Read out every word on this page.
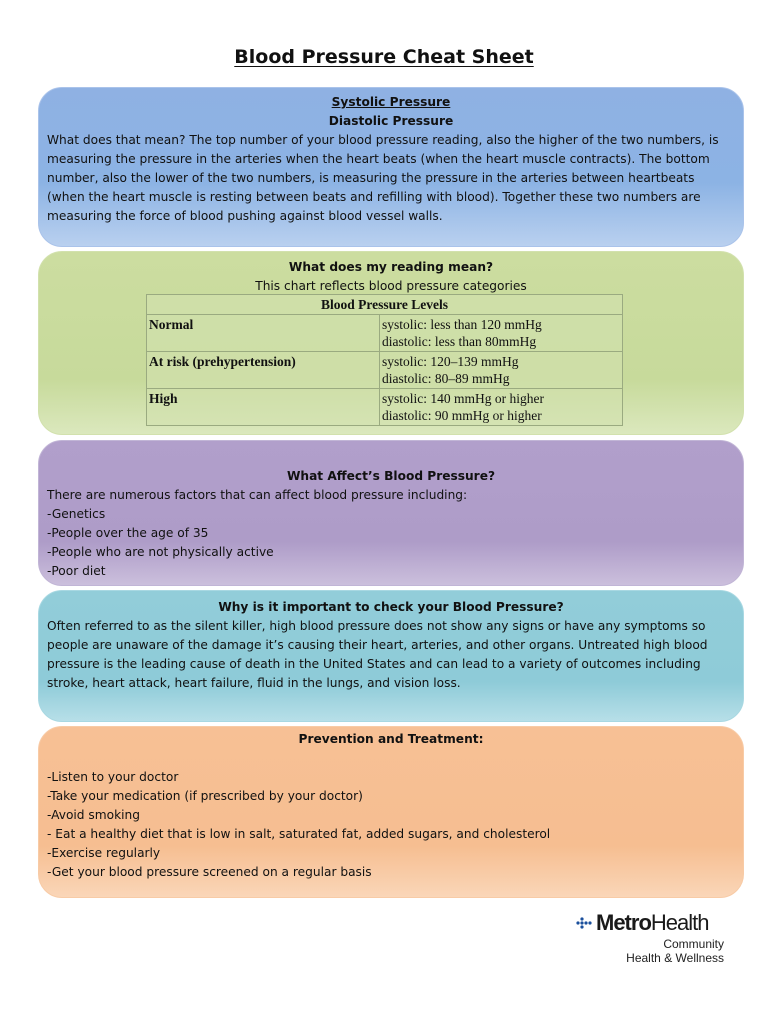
Blood Pressure Cheat Sheet
Systolic Pressure
Diastolic Pressure

What does that mean? The top number of your blood pressure reading, also the higher of the two numbers, is measuring the pressure in the arteries when the heart beats (when the heart muscle contracts). The bottom number, also the lower of the two numbers, is measuring the pressure in the arteries between heartbeats (when the heart muscle is resting between beats and refilling with blood). Together these two numbers are measuring the force of blood pushing against blood vessel walls.

What does my reading mean?
This chart reflects blood pressure categories
Blood Pressure Levels	
Normal	systolic: less than 120 mmHg
diastolic: less than 80mmHg

At risk (prehypertension)	systolic: 120–139 mmHg
diastolic: 80–89 mmHg

High	systolic: 140 mmHg or higher
diastolic: 90 mmHg or higher
What Affect’s Blood Pressure?
There are numerous factors that can affect blood pressure including:
-Genetics
-People over the age of 35
-People who are not physically active
-Poor diet
Why is it important to check your Blood Pressure?

Often referred to as the silent killer, high blood pressure does not show any signs or have any symptoms so people are unaware of the damage it’s causing their heart, arteries, and other organs. Untreated high blood pressure is the leading cause of death in the United States and can lead to a variety of outcomes including stroke, heart attack, heart failure, fluid in the lungs, and vision loss.

Prevention and Treatment:
-Listen to your doctor
-Take your medication (if prescribed by your doctor)
-Avoid smoking
- Eat a healthy diet that is low in salt, saturated fat, added sugars, and cholesterol
-Exercise regularly
-Get your blood pressure screened on a regular basis
MetroHealth
Community
Health & Wellness
